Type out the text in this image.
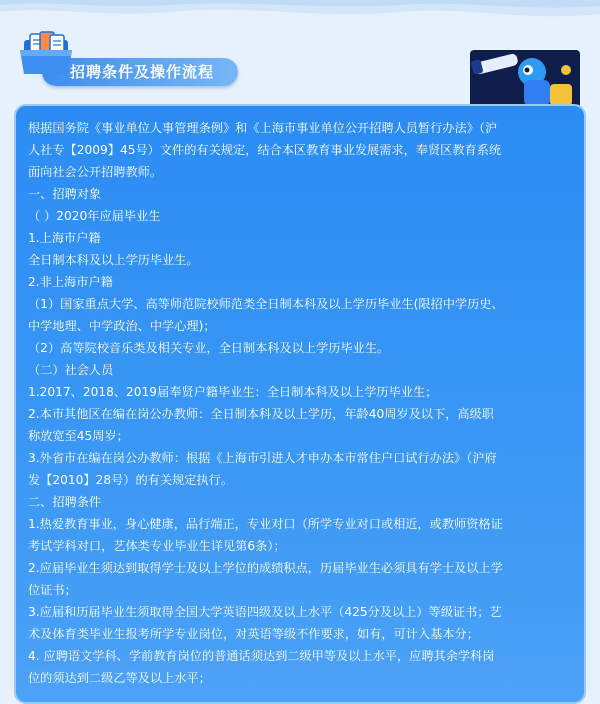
招聘条件及操作流程
根据国务院《事业单位人事管理条例》和《上海市事业单位公开招聘人员暂行办法》（沪
人社专【2009】45号）文件的有关规定，结合本区教育事业发展需求，奉贤区教育系统
面向社会公开招聘教师。
一、招聘对象
（ ）2020年应届毕业生
1.上海市户籍
全日制本科及以上学历毕业生。
2.非上海市户籍
（1）国家重点大学、高等师范院校师范类全日制本科及以上学历毕业生(限招中学历史、
中学地理、中学政治、中学心理)；
（2）高等院校音乐类及相关专业，全日制本科及以上学历毕业生。
（二）社会人员
1.2017、2018、2019届奉贤户籍毕业生：全日制本科及以上学历毕业生；
2.本市其他区在编在岗公办教师：全日制本科及以上学历，年龄40周岁及以下，高级职
称放宽至45周岁；
3.外省市在编在岗公办教师：根据《上海市引进人才申办本市常住户口试行办法》（沪府
发【2010】28号）的有关规定执行。
二、招聘条件
1.热爱教育事业，身心健康，品行端正，专业对口（所学专业对口或相近，或教师资格证
考试学科对口，艺体类专业毕业生详见第6条）；
2.应届毕业生须达到取得学士及以上学位的成绩积点，历届毕业生必须具有学士及以上学
位证书；
3.应届和历届毕业生须取得全国大学英语四级及以上水平（425分及以上）等级证书；艺
术及体育类毕业生报考所学专业岗位，对英语等级不作要求，如有，可计入基本分；
4. 应聘语文学科、学前教育岗位的普通话须达到二级甲等及以上水平，应聘其余学科岗
位的须达到二级乙等及以上水平；
